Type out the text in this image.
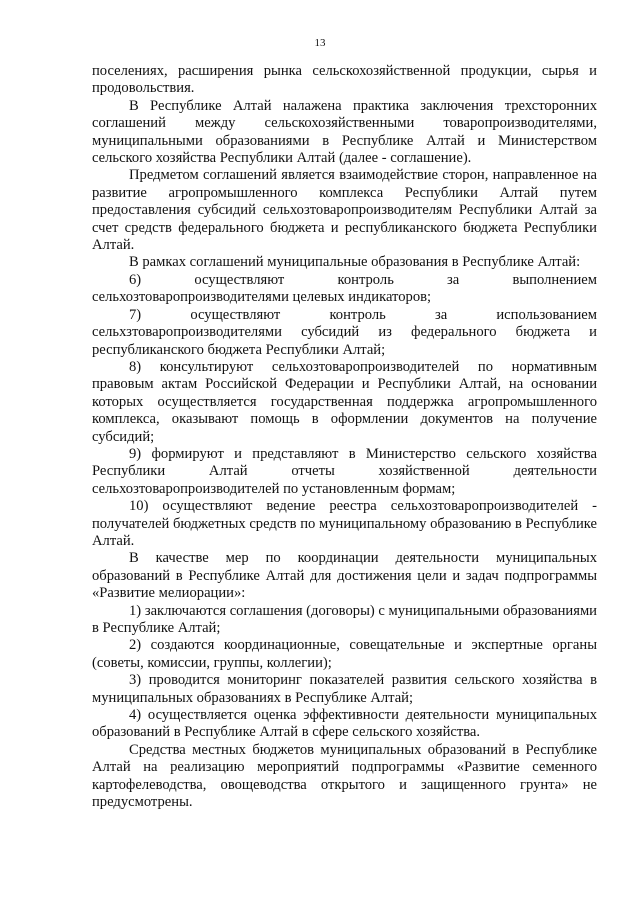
13

поселениях, расширения рынка сельскохозяйственной продукции, сырья и продовольствия.

В Республике Алтай налажена практика заключения трехсторонних соглашений между сельскохозяйственными товаропроизводителями, муниципальными образованиями в Республике Алтай и Министерством сельского хозяйства Республики Алтай (далее - соглашение).

Предметом соглашений является взаимодействие сторон, направленное на развитие агропромышленного комплекса Республики Алтай путем предоставления субсидий сельхозтоваропроизводителям Республики Алтай за счет средств федерального бюджета и республиканского бюджета Республики Алтай.

В рамках соглашений муниципальные образования в Республике Алтай:

6) осуществляют контроль за выполнением сельхозтоваропроизводителями целевых индикаторов;

7) осуществляют контроль за использованием сельхзтоваропроизводителями субсидий из федерального бюджета и республиканского бюджета Республики Алтай;

8) консультируют сельхозтоваропроизводителей по нормативным правовым актам Российской Федерации и Республики Алтай, на основании которых осуществляется государственная поддержка агропромышленного комплекса, оказывают помощь в оформлении документов на получение субсидий;

9) формируют и представляют в Министерство сельского хозяйства Республики Алтай отчеты хозяйственной деятельности сельхозтоваропроизводителей по установленным формам;

10) осуществляют ведение реестра сельхозтоваропроизводителей - получателей бюджетных средств по муниципальному образованию в Республике Алтай.

В качестве мер по координации деятельности муниципальных образований в Республике Алтай для достижения цели и задач подпрограммы «Развитие мелиорации»:

1) заключаются соглашения (договоры) с муниципальными образованиями в Республике Алтай;

2) создаются координационные, совещательные и экспертные органы (советы, комиссии, группы, коллегии);

3) проводится мониторинг показателей развития сельского хозяйства в муниципальных образованиях в Республике Алтай;

4) осуществляется оценка эффективности деятельности муниципальных образований в Республике Алтай в сфере сельского хозяйства.

Средства местных бюджетов муниципальных образований в Республике Алтай на реализацию мероприятий подпрограммы «Развитие семенного картофелеводства, овощеводства открытого и защищенного грунта» не предусмотрены.
